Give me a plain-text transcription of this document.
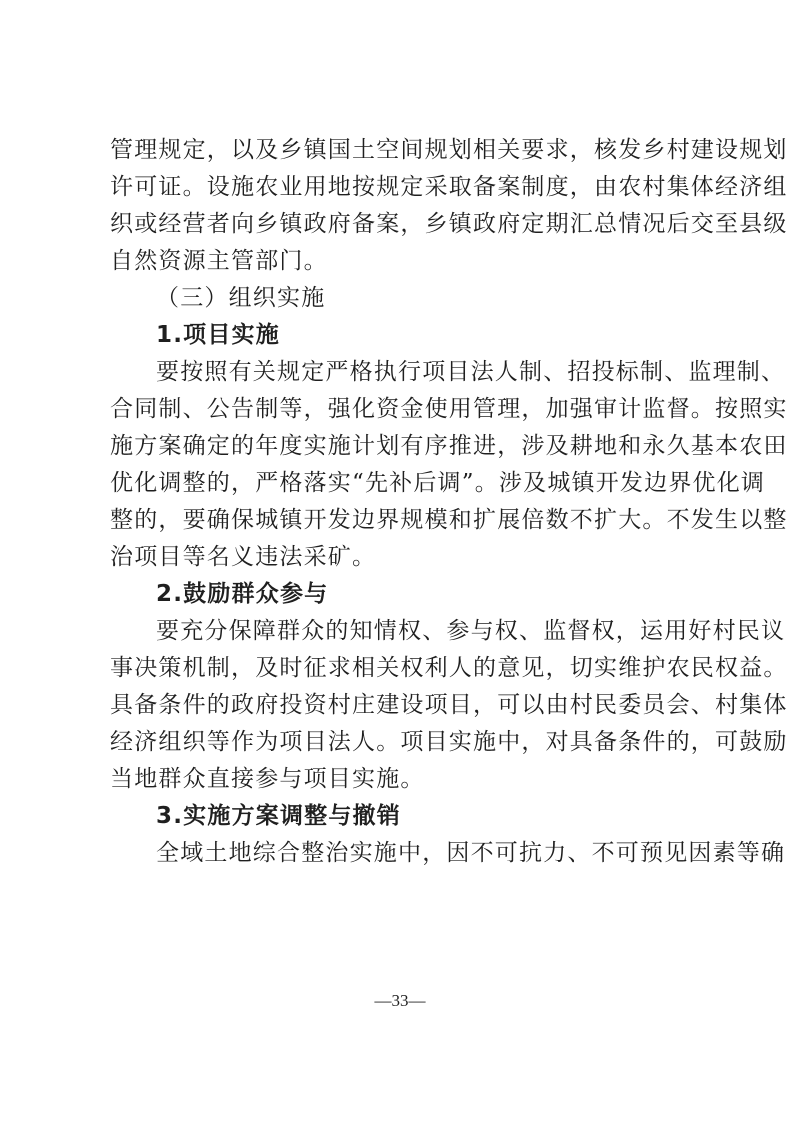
管理规定，以及乡镇国土空间规划相关要求，核发乡村建设规划
许可证。设施农业用地按规定采取备案制度，由农村集体经济组
织或经营者向乡镇政府备案，乡镇政府定期汇总情况后交至县级
自然资源主管部门。
（三）组织实施
1.项目实施
要按照有关规定严格执行项目法人制、招投标制、监理制、
合同制、公告制等，强化资金使用管理，加强审计监督。按照实
施方案确定的年度实施计划有序推进，涉及耕地和永久基本农田
优化调整的，严格落实“先补后调”。涉及城镇开发边界优化调
整的，要确保城镇开发边界规模和扩展倍数不扩大。不发生以整
治项目等名义违法采矿。
2.鼓励群众参与
要充分保障群众的知情权、参与权、监督权，运用好村民议
事决策机制，及时征求相关权利人的意见，切实维护农民权益。
具备条件的政府投资村庄建设项目，可以由村民委员会、村集体
经济组织等作为项目法人。项目实施中，对具备条件的，可鼓励
当地群众直接参与项目实施。
3.实施方案调整与撤销
全域土地综合整治实施中，因不可抗力、不可预见因素等确
—33—
